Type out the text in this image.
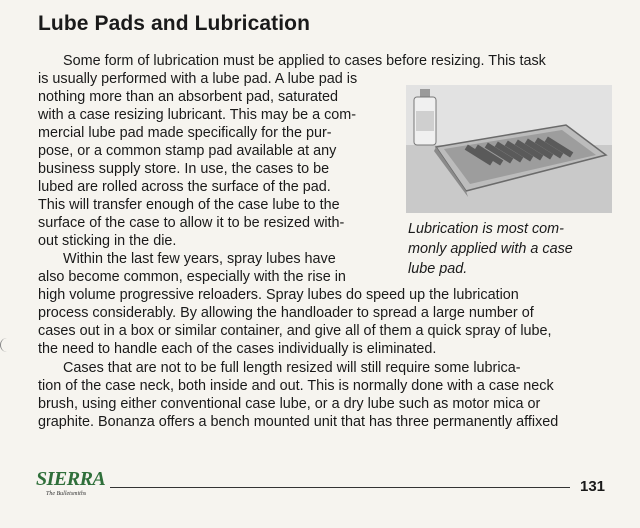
Lube Pads and Lubrication
Some form of lubrication must be applied to cases before resizing. This task
is usually performed with a lube pad. A lube pad is
nothing more than an absorbent pad, saturated
with a case resizing lubricant. This may be a com-
mercial lube pad made specifically for the pur-
pose, or a common stamp pad available at any
business supply store. In use, the cases to be
lubed are rolled across the surface of the pad.
This will transfer enough of the case lube to the
surface of the case to allow it to be resized with-
out sticking in the die.
Within the last few years, spray lubes have
also become common, especially with the rise in
high volume progressive reloaders. Spray lubes do speed up the lubrication
process considerably. By allowing the handloader to spread a large number of
cases out in a box or similar container, and give all of them a quick spray of lube,
the need to handle each of the cases individually is eliminated.
Cases that are not to be full length resized will still require some lubrica-
tion of the case neck, both inside and out. This is normally done with a case neck
brush, using either conventional case lube, or a dry lube such as motor mica or
graphite. Bonanza offers a bench mounted unit that has three permanently affixed
Lubrication is most com-
monly applied with a case
lube pad.
SIERRA
The Bulletsmiths	131
